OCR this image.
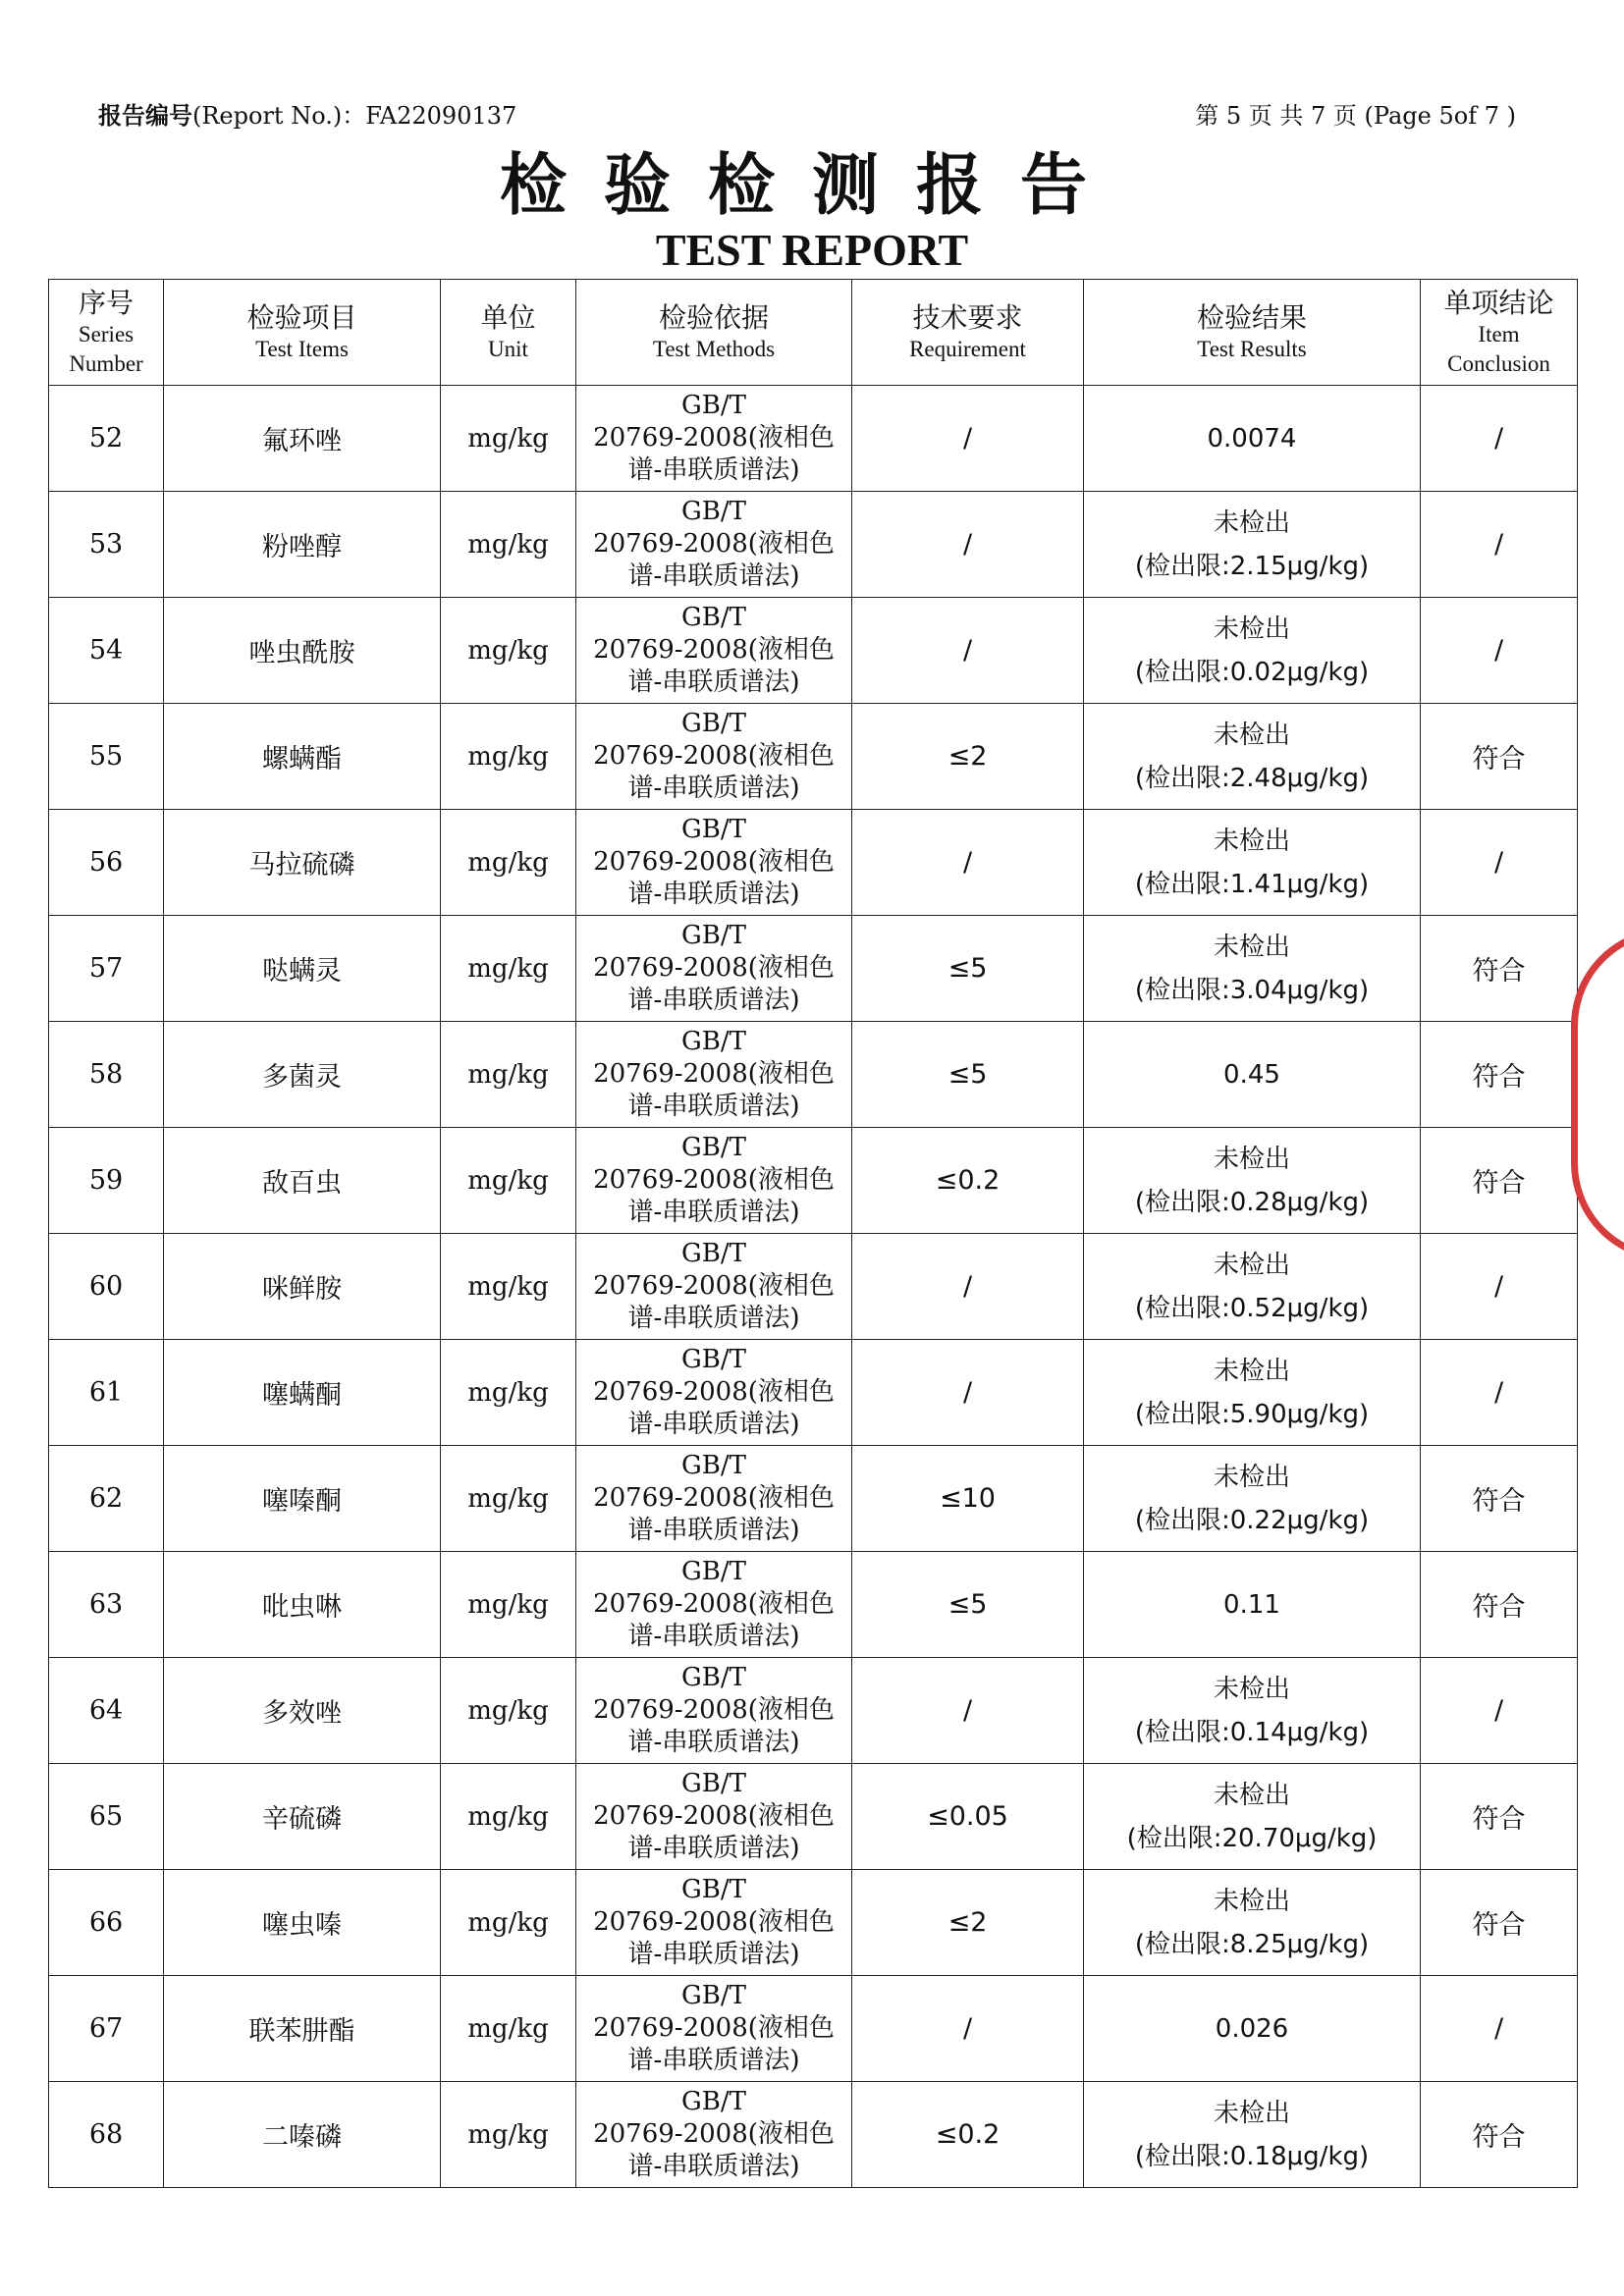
报告编号(Report No.)：FA22090137	第 5 页 共 7 页 (Page 5of 7 )
检验检测报告
TEST REPORT
序号
Series
Number	检验项目
Test Items	单位
Unit	检验依据
Test Methods	技术要求
Requirement	检验结果
Test Results	单项结论
Item
Conclusion

52	氟环唑	mg/kg	GB/T
20769-2008(液相色
谱-串联质谱法)	/	0.0074	/
53	粉唑醇	mg/kg	GB/T
20769-2008(液相色
谱-串联质谱法)	/	未检出
(检出限:2.15μg/kg)	/
54	唑虫酰胺	mg/kg	GB/T
20769-2008(液相色
谱-串联质谱法)	/	未检出
(检出限:0.02μg/kg)	/
55	螺螨酯	mg/kg	GB/T
20769-2008(液相色
谱-串联质谱法)	≤2	未检出
(检出限:2.48μg/kg)	符合
56	马拉硫磷	mg/kg	GB/T
20769-2008(液相色
谱-串联质谱法)	/	未检出
(检出限:1.41μg/kg)	/
57	哒螨灵	mg/kg	GB/T
20769-2008(液相色
谱-串联质谱法)	≤5	未检出
(检出限:3.04μg/kg)	符合
58	多菌灵	mg/kg	GB/T
20769-2008(液相色
谱-串联质谱法)	≤5	0.45	符合
59	敌百虫	mg/kg	GB/T
20769-2008(液相色
谱-串联质谱法)	≤0.2	未检出
(检出限:0.28μg/kg)	符合
60	咪鲜胺	mg/kg	GB/T
20769-2008(液相色
谱-串联质谱法)	/	未检出
(检出限:0.52μg/kg)	/
61	噻螨酮	mg/kg	GB/T
20769-2008(液相色
谱-串联质谱法)	/	未检出
(检出限:5.90μg/kg)	/
62	噻嗪酮	mg/kg	GB/T
20769-2008(液相色
谱-串联质谱法)	≤10	未检出
(检出限:0.22μg/kg)	符合
63	吡虫啉	mg/kg	GB/T
20769-2008(液相色
谱-串联质谱法)	≤5	0.11	符合
64	多效唑	mg/kg	GB/T
20769-2008(液相色
谱-串联质谱法)	/	未检出
(检出限:0.14μg/kg)	/
65	辛硫磷	mg/kg	GB/T
20769-2008(液相色
谱-串联质谱法)	≤0.05	未检出
(检出限:20.70μg/kg)	符合
66	噻虫嗪	mg/kg	GB/T
20769-2008(液相色
谱-串联质谱法)	≤2	未检出
(检出限:8.25μg/kg)	符合
67	联苯肼酯	mg/kg	GB/T
20769-2008(液相色
谱-串联质谱法)	/	0.026	/
68	二嗪磷	mg/kg	GB/T
20769-2008(液相色
谱-串联质谱法)	≤0.2	未检出
(检出限:0.18μg/kg)	符合
